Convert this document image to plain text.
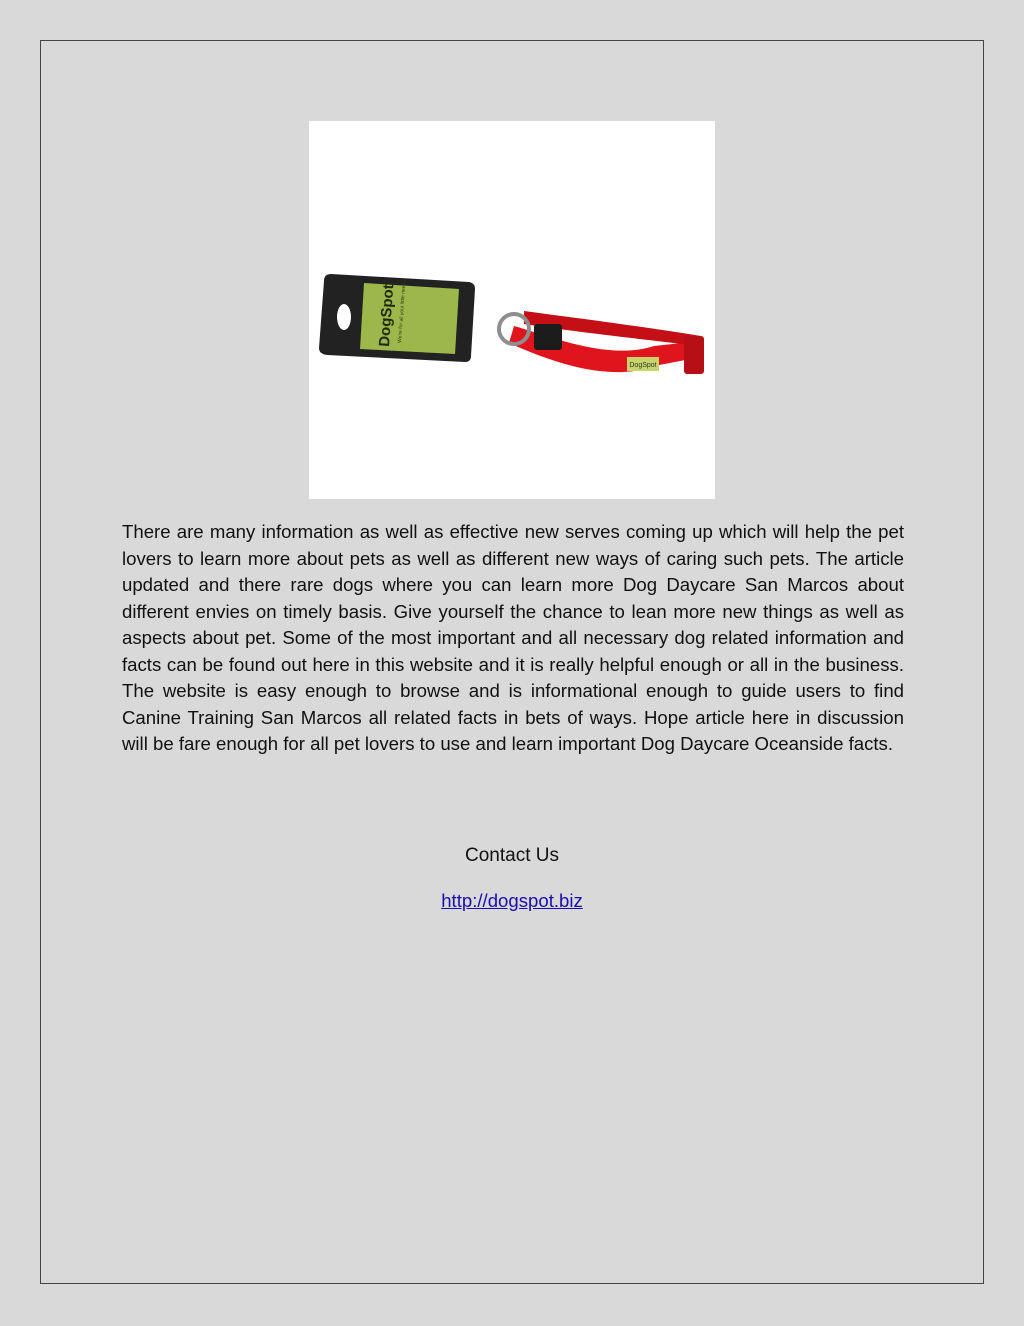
DogSpot
DogSpot We're for all your little needs

There are many information as well as effective new serves coming up which will help the pet lovers to learn more about pets as well as different new ways of caring such pets. The article updated and there rare dogs where you can learn more Dog Daycare San Marcos about different envies on timely basis. Give yourself the chance to lean more new things as well as aspects about pet. Some of the most important and all necessary dog related information and facts can be found out here in this website and it is really helpful enough or all in the business. The website is easy enough to browse and is informational enough to guide users to find Canine Training San Marcos all related facts in bets of ways. Hope article here in discussion will be fare enough for all pet lovers to use and learn important Dog Daycare Oceanside facts.

Contact Us
http://dogspot.biz
